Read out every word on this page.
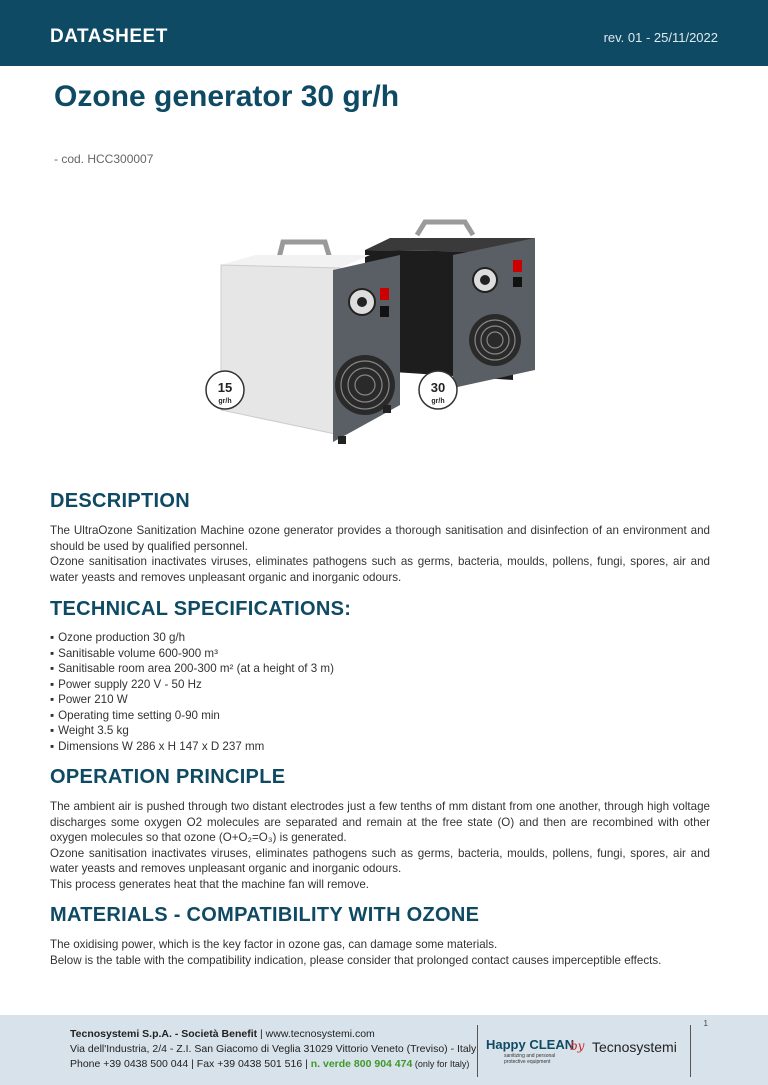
DATASHEET	rev. 01 - 25/11/2022
Ozone generator 30 gr/h
- cod. HCC300007
15
gr/h
30
gr/h
DESCRIPTION

The UltraOzone Sanitization Machine ozone generator provides a thorough sanitisation and disinfection of an environment and should be used by qualified personnel.

Ozone sanitisation inactivates viruses, eliminates pathogens such as germs, bacteria, moulds, pollens, fungi, spores, air and water yeasts and removes unpleasant organic and inorganic odours.

TECHNICAL SPECIFICATIONS:
▪ Ozone production 30 g/h
▪ Sanitisable volume 600-900 m³
▪ Sanitisable room area 200-300 m² (at a height of 3 m)
▪ Power supply 220 V - 50 Hz
▪ Power 210 W
▪ Operating time setting 0-90 min
▪ Weight 3.5 kg
▪ Dimensions W 286 x H 147 x D 237 mm
OPERATION PRINCIPLE

The ambient air is pushed through two distant electrodes just a few tenths of mm distant from one another, through high voltage discharges some oxygen O2 molecules are separated and remain at the free state (O) and then are recombined with other oxygen molecules so that ozone (O+O₂=O₃) is generated.

Ozone sanitisation inactivates viruses, eliminates pathogens such as germs, bacteria, moulds, pollens, fungi, spores, air and water yeasts and removes unpleasant organic and inorganic odours.

This process generates heat that the machine fan will remove.

MATERIALS - COMPATIBILITY WITH OZONE

The oxidising power, which is the key factor in ozone gas, can damage some materials.

Below is the table with the compatibility indication, please consider that prolonged contact causes imperceptible effects.

Tecnosystemi S.p.A. - Società Benefit | www.tecnosystemi.com
Via dell'Industria, 2/4 - Z.I. San Giacomo di Veglia 31029 Vittorio Veneto (Treviso) - Italy
Phone +39 0438 500 044 | Fax +39 0438 501 516 | n. verde 800 904 474 (only for Italy)
Happy CLEAN
sanitizing and personal protective equipment
by Tecnosystemi
1
